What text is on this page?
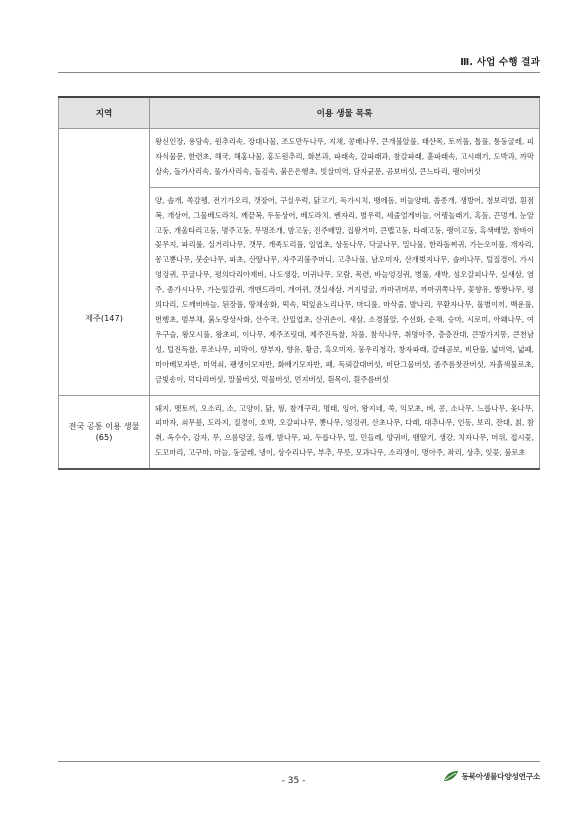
Ⅲ. 사업 수행 결과
지역	이용 생물 목록
	왕신인장, 용담속, 원추리속, 장대나물, 조도만두나무, 지채, 콩배나무, 큰개불알풀, 태산목, 토끼풀, 톱풀, 퉁둥굴레, 피자식물문, 한련초, 해국, 해홍나물, 홍도원추리, 화본과, 파래속, 갈파래과, 참갈파래, 홑파래속, 고시래기, 도박과, 까막살속, 돌가사리속, 풀가사리속, 돌김속, 붉은은행초, 빗살미역, 담자균문, 곰보버섯, 큰느타리, 팽이버섯
제주(147)	양, 솔개, 쏙감펭, 전기가오리, 갯장어, 구실우럭, 닭고기, 독가시치, 뱅에돔, 비늘양태, 쏠종개, 쟁방어, 청보리멸, 흰점복, 개상어, 그물베도라치, 께끝복, 두동상어, 베도라치, 벤자리, 별우럭, 세줄얼게비늘, 어렝놀래기, 혹돔, 끈멍게, 눈알고둥, 개울타리고둥, 명주고둥, 무명조개, 밤고둥, 진주배말, 집왕거미, 큰뱁고둥, 타래고둥, 팽이고둥, 흑색배말, 참바이꽃무지, 파리룰, 실거리나무, 갯무, 개족도리풀, 일엽초, 상동나무, 닥굴나무, 밀나물, 한라돌쩌귀, 가는오이풀, 개자리, 몽고뽕나무, 붓순나무, 파초, 산딸나무, 자주괴불주머니, 고추나물, 남오미자, 산개벚지나무, 솔비나무, 털질경이, 가시엉겅퀴, 꾸굴나무, 평의다리아재비, 나도생강, 머귀나무, 모람, 목련, 바늘엉겅퀴, 병풀, 새박, 섬오갈피나무, 실새삼, 염주, 좀가시나무, 가는잎갈퀴, 개맨드라미, 개여뀌, 갯실새삼, 거지덩굴, 까마귀머루, 까마귀쪽나무, 꽃향유, 짱짱나무, 평의다리, 도깨비바늘, 된장풀, 땅채송화, 떡속, 떡잎윤노리나무, 마디풀, 마삭줄, 발나리, 무환자나무, 물별이끼, 백운풀, 번행초, 범부채, 붉노랑상사화, 산수국, 산일엽초, 산귀손이, 새삼, 소경불알, 수선화, 순채, 승마, 시로미, 아왜나무, 여우구슬, 왕모시풀, 왕초피, 이나무, 제주조릿대, 제주진득찰, 차풀, 참식나무, 취명아주, 층층잔대, 큰방가지똥, 큰천남성, 털진득찰, 푸조나무, 피막이, 향부자, 향유, 황금, 흑오미자, 뭉우리청각, 창자파래, 갈래곰보, 비단풀, 넓미역, 넓패, 미아베모자반, 미역쇠, 괭생이모자반, 화배기모자반, 패, 독뢰갈대버섯, 비단그물버섯, 좀주름찻잔버섯, 자흙색불로초, 금빛송이, 덕다리버섯, 말불버섯, 먹물버섯, 먼지버섯, 흰목이, 흰주름버섯
전국 공통 이용 생물(65)	돼지, 멧토끼, 오소리, 소, 고양이, 닭, 꿩, 참개구리, 명태, 잉어, 왕지네, 쑥, 익모초, 벼, 콩, 소나무, 느릅나무, 옻나무, 피마자, 쇠무릎, 도라지, 질경이, 호박, 오갈피나무, 뽕나무, 엉겅퀴, 산초나무, 다래, 대추나무, 인동, 보리, 잔대, 칡, 참취, 옥수수, 감자, 무, 으름덩굴, 들깨, 밤나무, 파, 두릅나무, 밀, 민들레, 양귀비, 뱀딸기, 생강, 치자나무, 머위, 접시꽃, 도꼬마리, 고구마, 마늘, 둥굴레, 냉이, 상수리나무, 부추, 무릇, 모과나무, 소리쟁이, 명아주, 좌리, 상추, 잇꽃, 불로초
- 35 -	동북아생물다양성연구소
